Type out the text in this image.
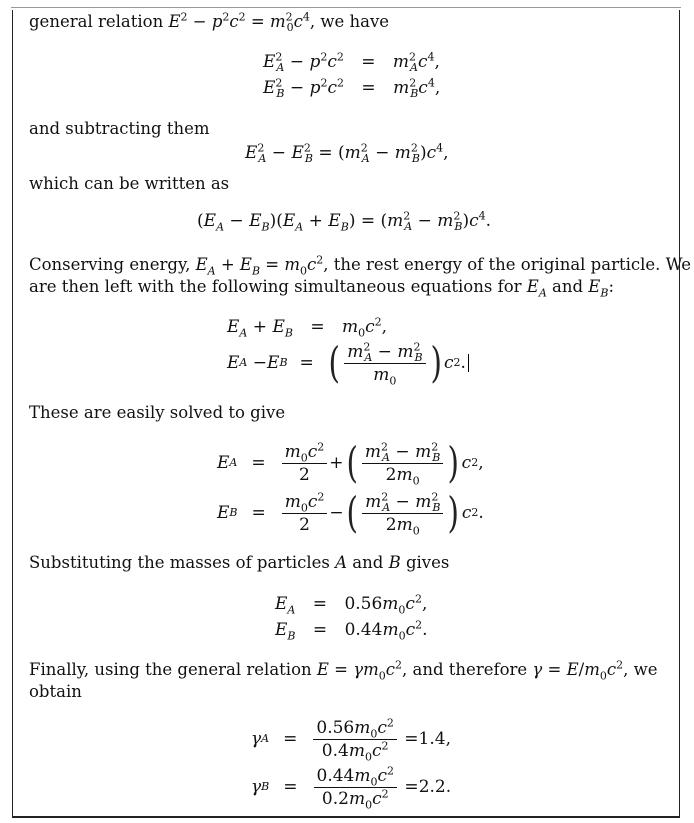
general relation $E^2 - p^2c^2 = m^2_0c^4$, we have
$E^2_A - p^2c^2 = m^2_Ac^4$,
$E^2_B - p^2c^2 = m^2_Bc^4$,
and subtracting them
$E^2_A - E^2_B = (m^2_A - m^2_B)c^4$,
which can be written as
$(E_A - E_B)(E_A + E_B) = (m^2_A - m^2_B)c^4$.
Conserving energy, $E_A + E_B = m_0c^2$, the rest energy of the original particle. We
are then left with the following simultaneous equations for $E_A$ and $E_B$:
$E_A + E_B = m_0c^2$,
E A − E B = ( $\frac{m^2_A - m^2_B}{m_0}$ ) c 2 .
These are easily solved to give
E $A = \frac{m_0c^2}{2}$ + ( $\frac{m^2_A - m^2_B}{2m_0}$ ) c 2 ,
E $B = \frac{m_0c^2}{2}$ − ( $\frac{m^2_A - m^2_B}{2m_0}$ ) c 2 .
Substituting the masses of particles A and B gives
$E_A = 0.56m_0c^2$,
$E_B = 0.44m_0c^2$.
Finally, using the general relation $E = \gamma m_0c^2$, and therefore $\gamma = E/m_0c^2$, we
obtain
γ $A = \frac{0.56m_0c^2}{0.4m_0c^2} = 1.4$ ,
γ $B = \frac{0.44m_0c^2}{0.2m_0c^2} = 2.2$ .
